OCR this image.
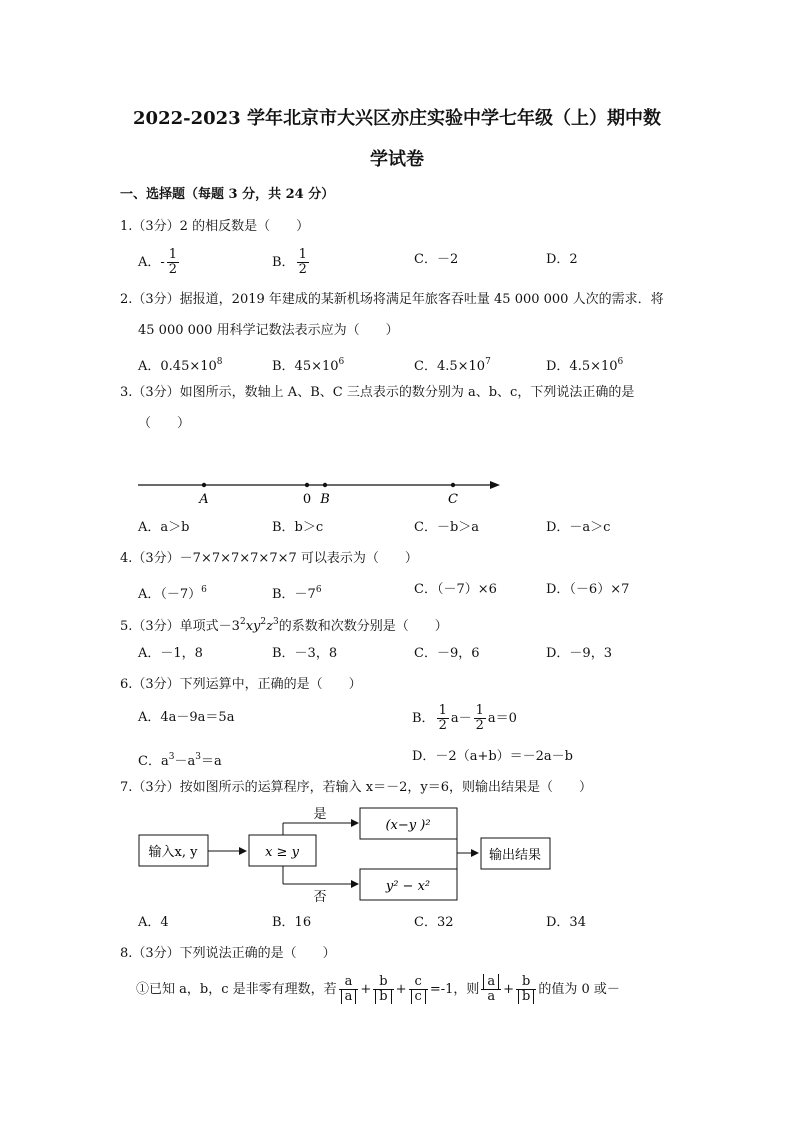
2022-2023 学年北京市大兴区亦庄实验中学七年级（上）期中数
学试卷
一、选择题（每题 3 分，共 24 分）
1.（3分）2 的相反数是（　　）
A．- $\frac{1}{2}$	B． $\frac{1}{2}$	C．－2	D．2
2.（3分）据报道，2019 年建成的某新机场将满足年旅客吞吐量 45 000 000 人次的需求．将
45 000 000 用科学记数法表示应为（　　）
A．$0.45\times 10^8$	B．$45\times 10^6$	C．$4.5\times 10^7$	D．$4.5\times 10^6$
3.（3分）如图所示，数轴上 A、B、C 三点表示的数分别为 a、b、c，下列说法正确的是
（　　）
A	0 B	C
A．a＞b	B．b＞c	C．－b＞a	D．－a＞c
4.（3分）－7×7×7×7×7×7 可以表示为（　　）
A．$(-7)^6$	B．$-7^6$	C．（－7）×6	D．（－6）×7
5.（3分）单项式$-3^2xy^2z^3$的系数和次数分别是（　　）
A．－1，8	B．－3，8	C．－9，6	D．－9，3
6.（3分）下列运算中，正确的是（　　）
A．4a－9a＝5a	B． $\frac{1}{2} a- \frac{1}{2} a=0$
C．$a^3-a^3=a$	D．－2（a+b）＝－2a－b
7.（3分）按如图所示的运算程序，若输入 x＝－2，y＝6，则输出结果是（　　）
输入x, y	x ≥ y
是
否
(x−y )²
y² − x²
输出结果
A．4	B．16	C．32	D．34
8.（3分）下列说法正确的是（　　）
①已知 a，b，c 是非零有理数，若 $\frac{a}{a} + \frac{b}{b} + \frac{c}{c} =-1$，则 $\frac{a}{a} + \frac{b}{b}$ 的值为 0 或－
